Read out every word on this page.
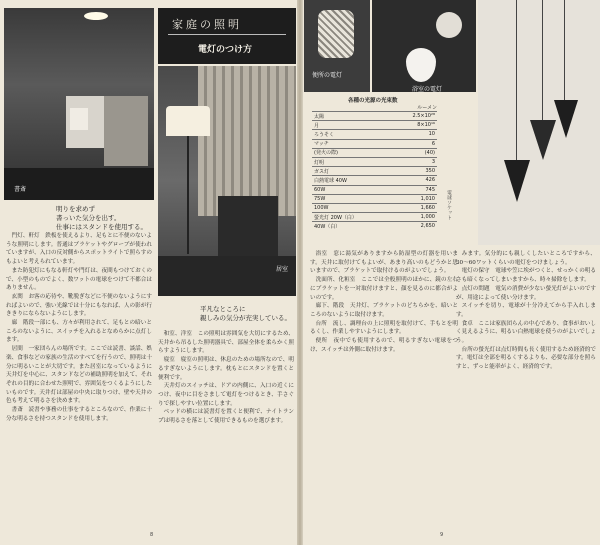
書斎
明りを求めず
書っいた気分を出す。
仕事にはスタンドを使用する。
家庭の照明
電灯のつけ方
居室
平凡なところに
親しみの気分が充実している。

門灯、軒灯　鉄板を使えるより、足もとに不便のないような照明にします。普通はブラケットやグローブが使われていますが、入口の反対側からスポットライトで照らすのもよいと考えられています。

また防犯灯にもなる軒灯や門灯は、夜間もつけておくので、小型のものでよく、数ワットの電球をつけて不都合はありません。

玄関　お客の応待や、靴脱ぎなどに不便のないようにすればよいので、強い光線では十分にもなれば、人の影が行ききりにならないようにします。

廊　階段一部にも、方々が利用されて、足もとの暗いところのないように、スイッチを入れるとなめらかに点灯します。

居間　一家団らんの場所です。ここでは読書、談話、娯楽、食事などの家族の生活のすべてを行うので、照明は十分に明るいことが大切です。また居室になっているように天井灯を中心に、スタンドなどの補助照明を加えて、それぞれの目的に合わせた照明で、雰囲気をつくるようにしたいものです。天井灯は部屋の中央に取りつけ、壁や天井の色も考えて明るさを決めます。

書斎　読書や事務の仕事をするところなので、作業に十分な明るさを持つスタンドを使用します。

和室、洋室　この照明は雰囲気を大切にするため、天井から吊るした照明器具で、部屋全体を柔らかく照らすようにします。

寝室　寝室の照明は、休息のための場所なので、明るすぎないようにします。枕もとにスタンドを置くと便利です。

天井灯のスイッチは、ドアの内側に、入口の近くにつけ、夜中に目をさまして電灯をつけるとき、手さぐりで探しやすい位置にします。

ベッドの横には読書灯を置くと便利で、ナイトランプは明るさを落として使用できるものを選びます。

8
便所の電灯
浴室の電灯
各種の光源の光束数
ルーメン
太陽	2.5×10²⁸
月	8×10¹⁶
ろうそく	10
マッチ	6
(発火の際)	(40)
灯明	3
ガス灯	350
白熱電球 40W	426
60W	745
75W	1,010
100W	1,660
螢光灯 20W（白）	1,000
40W（白）	2,650
電球ソケット

浴室　窓に湯気がありますから防湿型の灯器を用います。天井に取付けてもよいが、あまり高いのもどうかと思いますので、ブラケットで取付けるのがよいでしょう。

洗面所、化粧室　ここでは全般照明のほかに、鏡の左右にブラケットを一対取付けますと、顔を見るのに都合がよいのです。

廊下、階段　天井灯、ブラケットのどちらかを、暗いところのないように取付けます。

台所　流し、調理台の上に照明を取付けて、手もとを明るくし、作業しやすいようにします。

便所　夜中でも使用するので、明るすぎない電球をつけ、スイッチは外側に取付けます。

みます。気分的にも親しくしたいところですから、30〜60ワットくらいの電灯をつけましょう。

電灯の保守　電球や笠に埃がつくと、せっかくの明るさも暗くなってしまいますから、時々掃除をします。

点灯の問題　電気の消費が少ない螢光灯がよいのですが、用途によって使い分けます。

スイッチを切り、電球が十分冷えてから手入れします。

食卓　ここは家族団らんの中心であり、食事がおいしく見えるように、明るい白熱電球を使うのがよいでしょう。

台所の螢光灯は点灯時間も長く使用するため経済的です。電灯は全部を明るくするよりも、必要な部分を照らすと、ずっと能率がよく、経済的です。

9
